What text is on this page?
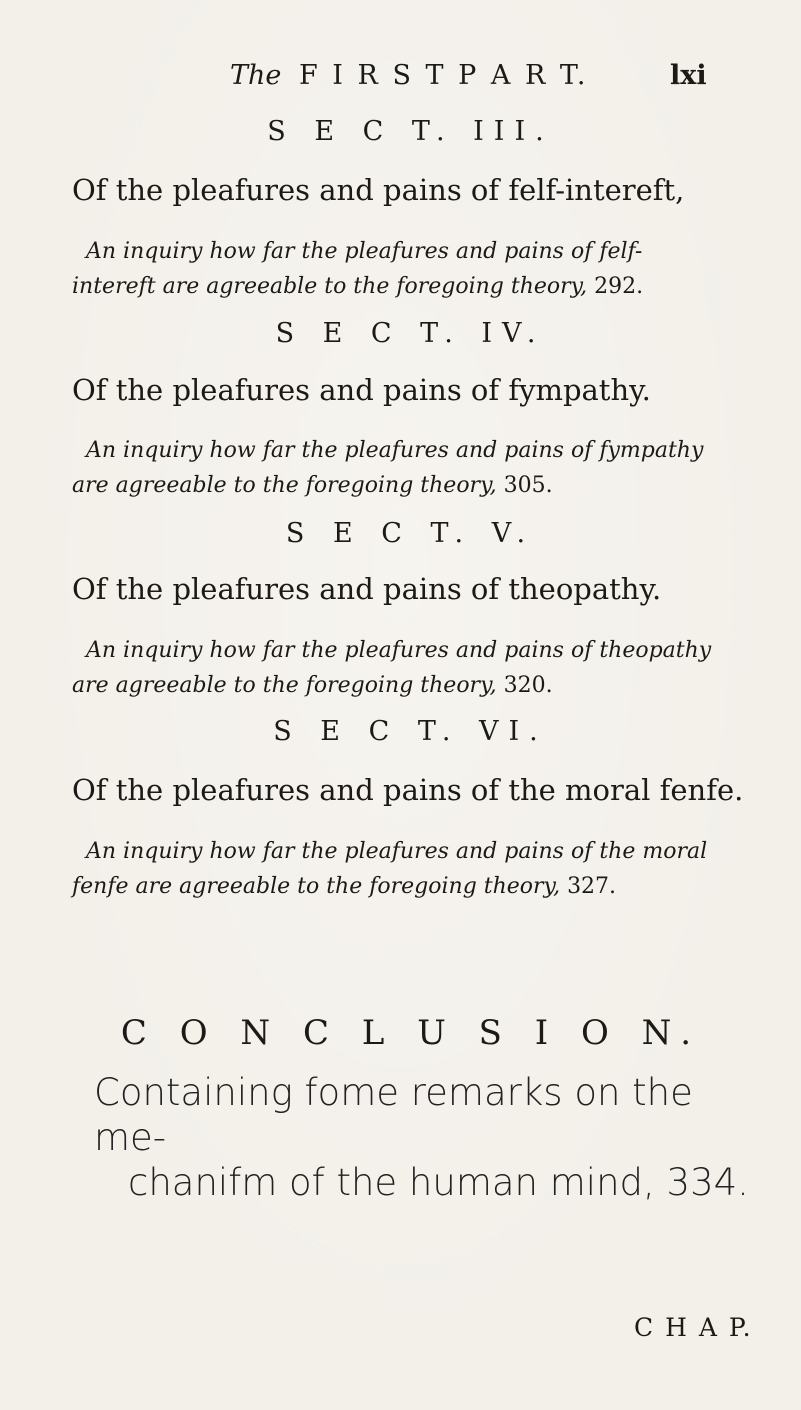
The F I R S T P A R T.	lxi
S E C T. III.
Of the pleafures and pains of felf-intereft,
An inquiry how far the pleafures and pains of felf-
intereft are agreeable to the foregoing theory, 292.
S E C T. IV.
Of the pleafures and pains of fympathy.
An inquiry how far the pleafures and pains of fympathy
are agreeable to the foregoing theory, 305.
S E C T. V.
Of the pleafures and pains of theopathy.
An inquiry how far the pleafures and pains of theopathy
are agreeable to the foregoing theory, 320.
S E C T. VI.
Of the pleafures and pains of the moral fenfe.
An inquiry how far the pleafures and pains of the moral
fenfe are agreeable to the foregoing theory, 327.
C O N C L U S I O N.
Containing fome remarks on the me-
chanifm of the human mind, 334.
C H A P.
